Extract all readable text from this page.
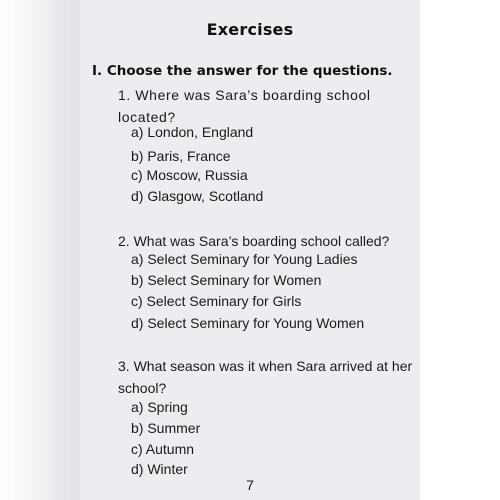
Exercises
I. Choose the answer for the questions.
1. Where was Sara’s boarding school located?
a) London, England
b) Paris, France
c) Moscow, Russia
d) Glasgow, Scotland
2. What was Sara’s boarding school called?
a) Select Seminary for Young Ladies
b) Select Seminary for Women
c) Select Seminary for Girls
d) Select Seminary for Young Women
3. What season was it when Sara arrived at her school?
a) Spring
b) Summer
c) Autumn
d) Winter
7
